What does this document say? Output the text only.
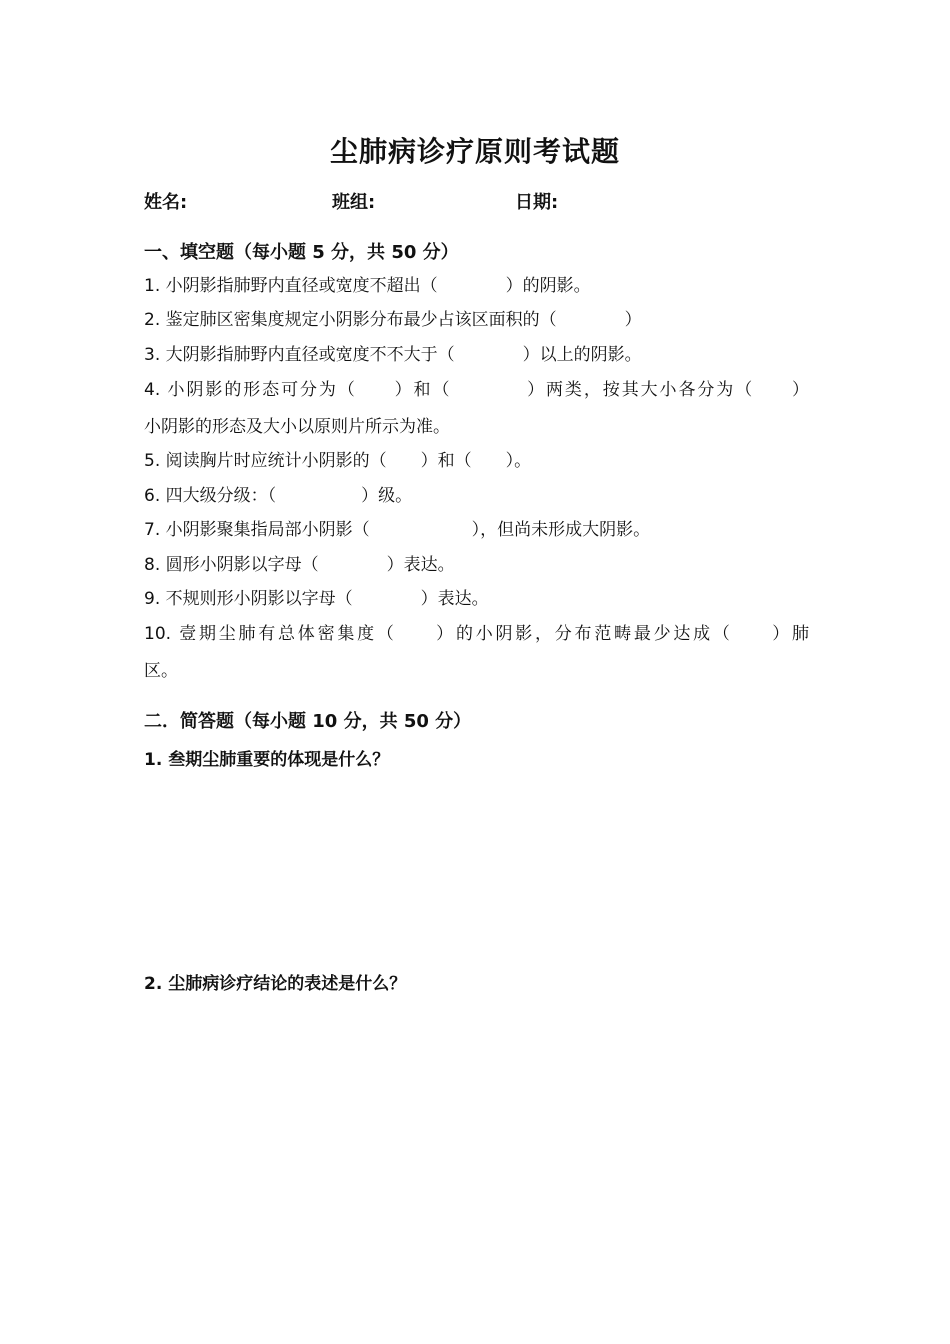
尘肺病诊疗原则考试题
姓名:	班组:	日期:
一、填空题（每小题 5 分，共 50 分）
1. 小阴影指肺野内直径或宽度不超出（　　　　）的阴影。
2. 鉴定肺区密集度规定小阴影分布最少占该区面积的（　　　　）
3. 大阴影指肺野内直径或宽度不不大于（　　　　）以上的阴影。
4. 小阴影的形态可分为（　　）和（　　　　）两类，按其大小各分为（　　）
小阴影的形态及大小以原则片所示为准。
5. 阅读胸片时应统计小阴影的（　　）和（　　）。
6. 四大级分级：（　　　　　）级。
7. 小阴影聚集指局部小阴影（　　　　　　），但尚未形成大阴影。
8. 圆形小阴影以字母（　　　　）表达。
9. 不规则形小阴影以字母（　　　　）表达。
10. 壹期尘肺有总体密集度（　　）的小阴影，分布范畴最少达成（　　）肺
区。
二．简答题（每小题 10 分，共 50 分）
1. 叁期尘肺重要的体现是什么？
2. 尘肺病诊疗结论的表述是什么？
